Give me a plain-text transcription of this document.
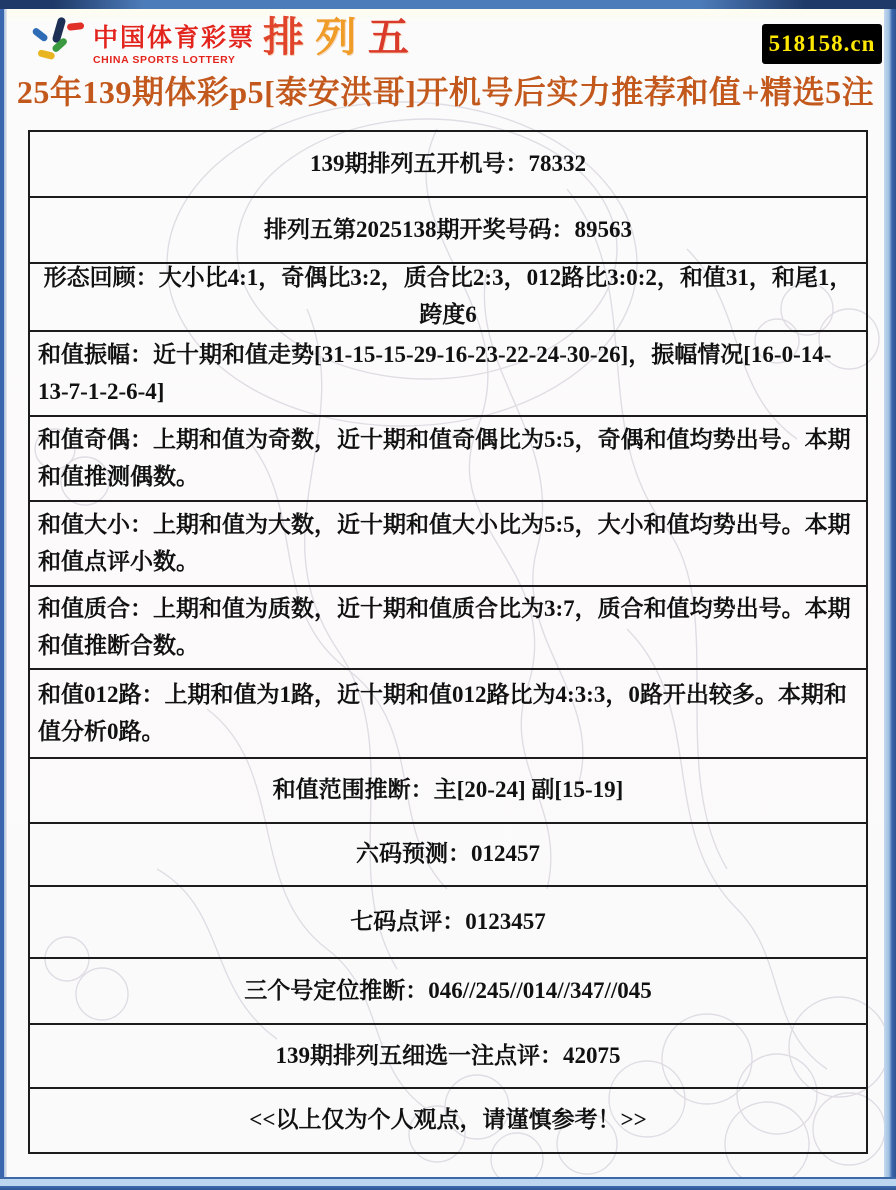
中国体育彩票
CHINA SPORTS LOTTERY 排 列 五	518158.cn
25年139期体彩p5[泰安洪哥]开机号后实力推荐和值+精选5注
139期排列五开机号：78332
排列五第2025138期开奖号码：89563
形态回顾：大小比4:1，奇偶比3:2，质合比2:3，012路比3:0:2，和值31，和尾1，跨度6
和值振幅：近十期和值走势[31-15-15-29-16-23-22-24-30-26]，振幅情况[16-0-14-13-7-1-2-6-4]
和值奇偶：上期和值为奇数，近十期和值奇偶比为5:5，奇偶和值均势出号。本期和值推测偶数。
和值大小：上期和值为大数，近十期和值大小比为5:5，大小和值均势出号。本期和值点评小数。
和值质合：上期和值为质数，近十期和值质合比为3:7，质合和值均势出号。本期和值推断合数。
和值012路：上期和值为1路，近十期和值012路比为4:3:3，0路开出较多。本期和值分析0路。
和值范围推断：主[20-24] 副[15-19]
六码预测：012457
七码点评：0123457
三个号定位推断：046//245//014//347//045
139期排列五细选一注点评：42075
<<以上仅为个人观点，请谨慎参考！>>
